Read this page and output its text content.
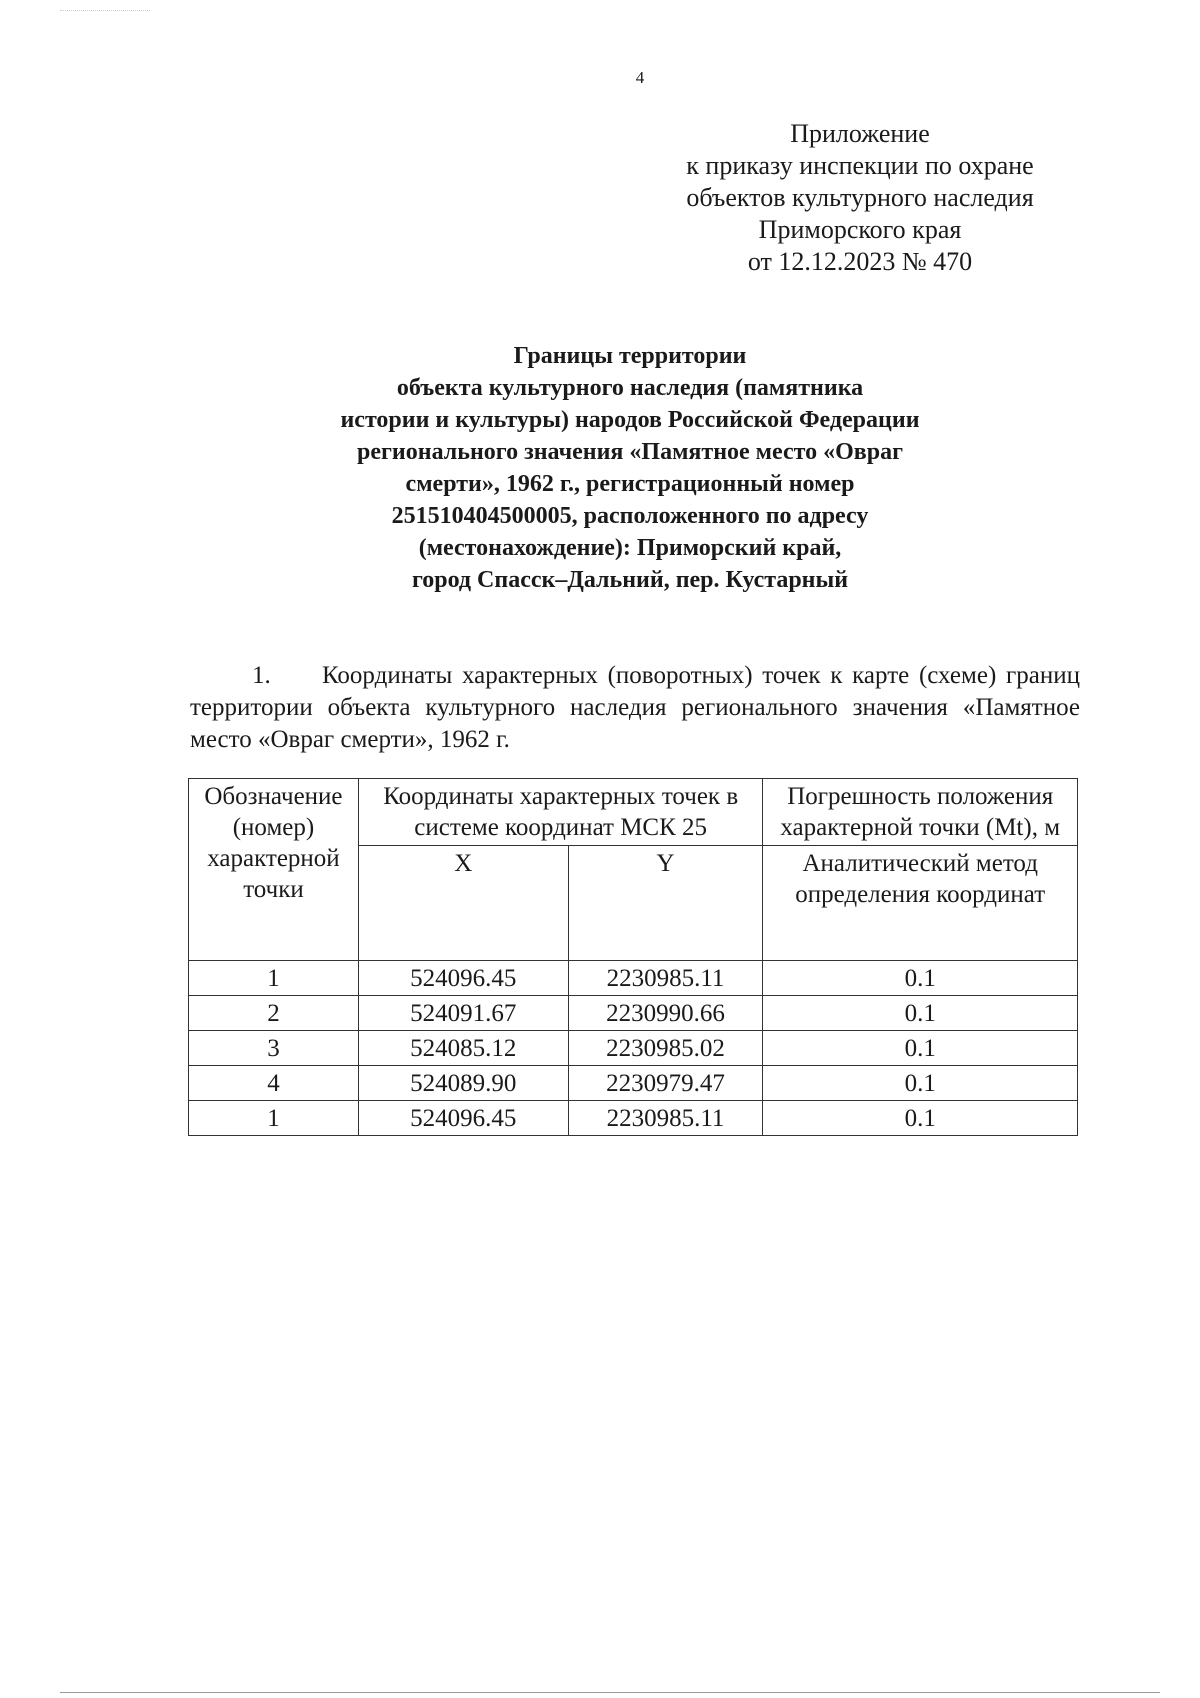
4
Приложение
к приказу инспекции по охране
объектов культурного наследия
Приморского края
от 12.12.2023 № 470
Границы территории
объекта культурного наследия (памятника
истории и культуры) народов Российской Федерации
регионального значения «Памятное место «Овраг
смерти», 1962 г., регистрационный номер
251510404500005, расположенного по адресу
(местонахождение): Приморский край,
город Спасск–Дальний, пер. Кустарный
1. Координаты характерных (поворотных) точек к карте (схеме) границ
территории объекта культурного наследия регионального значения «Памятное
место «Овраг смерти», 1962 г.
Обозначение (номер) характерной точки	Координаты характерных точек в системе координат МСК 25		Погрешность положения характерной точки (Mt), м
	X	Y	Аналитический метод определения координат
1	524096.45	2230985.11	0.1
2	524091.67	2230990.66	0.1
3	524085.12	2230985.02	0.1
4	524089.90	2230979.47	0.1
1	524096.45	2230985.11	0.1
